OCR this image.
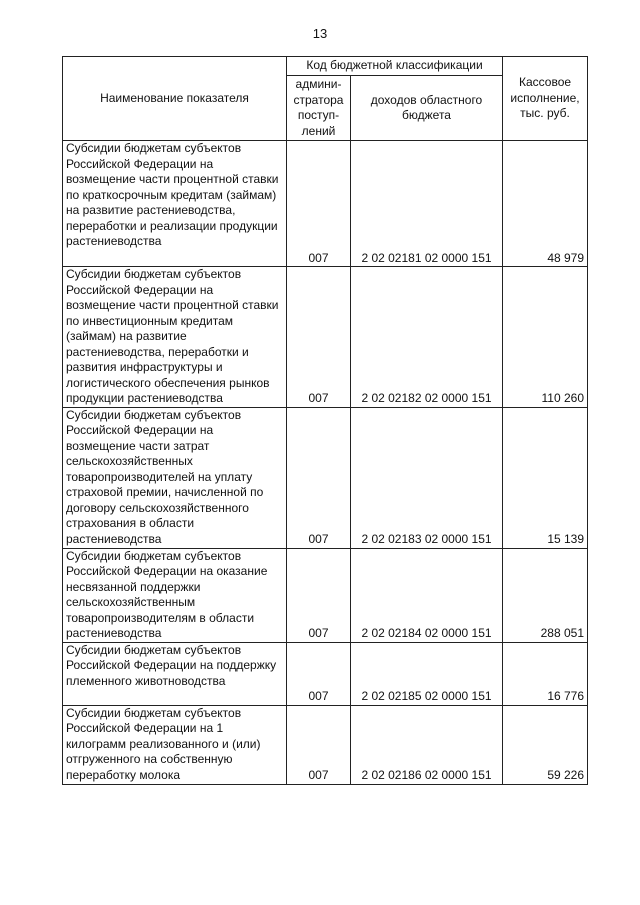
13
Наименование показателя	Код бюджетной классификации		Кассовое исполнение, тыс. руб.
	админи-стратора поступ-лений	доходов областного бюджета	
Субсидии бюджетам субъектов Российской Федерации на возмещение части процентной ставки по краткосрочным кредитам (займам) на развитие растениеводства, переработки и реализации продукции растениеводства	007	2 02 02181 02 0000 151	48 979
Субсидии бюджетам субъектов Российской Федерации на возмещение части процентной ставки по инвестиционным кредитам (займам) на развитие растениеводства, переработки и развития инфраструктуры и логистического обеспечения рынков продукции растениеводства	007	2 02 02182 02 0000 151	110 260
Субсидии бюджетам субъектов Российской Федерации на возмещение части затрат сельскохозяйственных товаропроизводителей на уплату страховой премии, начисленной по договору сельскохозяйственного страхования в области растениеводства	007	2 02 02183 02 0000 151	15 139
Субсидии бюджетам субъектов Российской Федерации на оказание несвязанной поддержки сельскохозяйственным товаропроизводителям в области растениеводства	007	2 02 02184 02 0000 151	288 051
Субсидии бюджетам субъектов Российской Федерации на поддержку племенного животноводства	007	2 02 02185 02 0000 151	16 776
Субсидии бюджетам субъектов Российской Федерации на 1 килограмм реализованного и (или) отгруженного на собственную переработку молока	007	2 02 02186 02 0000 151	59 226
